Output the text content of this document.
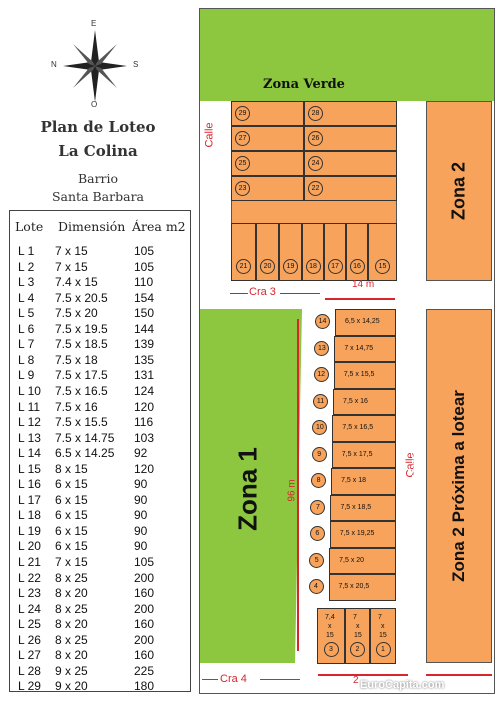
E
N	S
O
Plan de Loteo
La Colina
Barrio
Santa Barbara
Lote Dimensión Área m2
L 1 7 x 15	105
L 2 7 x 15	105
L 3 7.4 x 15	110
L 4 7.5 x 20.5 154
L 5 7.5 x 20	150
L 6 7.5 x 19.5 144
L 7 7.5 x 18.5 139
L 8 7.5 x 18	135
L 9 7.5 x 17.5 131
L 10 7.5 x 16.5 124
L 11 7.5 x 16	120
L 12 7.5 x 15.5 116
L 13 7.5 x 14.75 103
L 14 6.5 x 14.25 92
L 15 8 x 15	120
L 16 6 x 15	90
L 17 6 x 15	90
L 18 6 x 15	90
L 19 6 x 15	90
L 20 6 x 15	90
L 21 7 x 15	105
L 22 8 x 25	200
L 23 8 x 20	160
L 24 8 x 25	200
L 25 8 x 20	160
L 26 8 x 25	200
L 27 8 x 20	160
L 28 9 x 25	225
L 29 9 x 20	180
Zona Verde
29	28
27	26
25	24
23	22
21	20	19	18	17	16	15
Zona 2
Calle
Cra 3
14 m
Zona 1 96 m
14	6,5 x 14,25
13	7 x 14,75
12	7,5 x 15,5
11	7,5 x 16
10	7,5 x 16,5
9	7,5 x 17,5
8	7,5 x 18
7	7,5 x 18,5
6	7,5 x 19,25
5	7,5 x 20
4	7,5 x 20,5
7,4
x
15
3
7
x
15
2
7
x
15
1
Calle Zona 2 Próxima a lotear
Cra 4	2 EuroCapita.com
